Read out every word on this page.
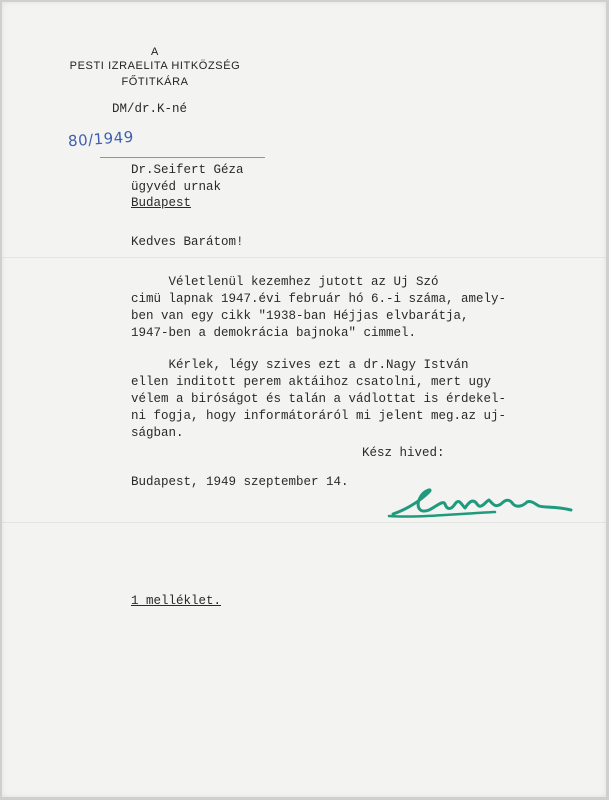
A
PESTI IZRAELITA HITKÖZSÉG
FŐTITKÁRA
DM/dr.K-né
80/1949
Dr.Seifert Géza
ügyvéd urnak
Budapest
Kedves Barátom!
Véletlenül kezemhez jutott az Uj Szó
cimü lapnak 1947.évi február hó 6.-i száma, amely-
ben van egy cikk "1938-ban Héjjas elvbarátja,
1947-ben a demokrácia bajnoka" cimmel.
Kérlek, légy szives ezt a dr.Nagy István
ellen inditott perem aktáihoz csatolni, mert ugy
vélem a biróságot és talán a vádlottat is érdekel-
ni fogja, hogy informátoráról mi jelent meg.az uj-
ságban.
Kész hived:
Budapest, 1949 szeptember 14.
1 melléklet.
